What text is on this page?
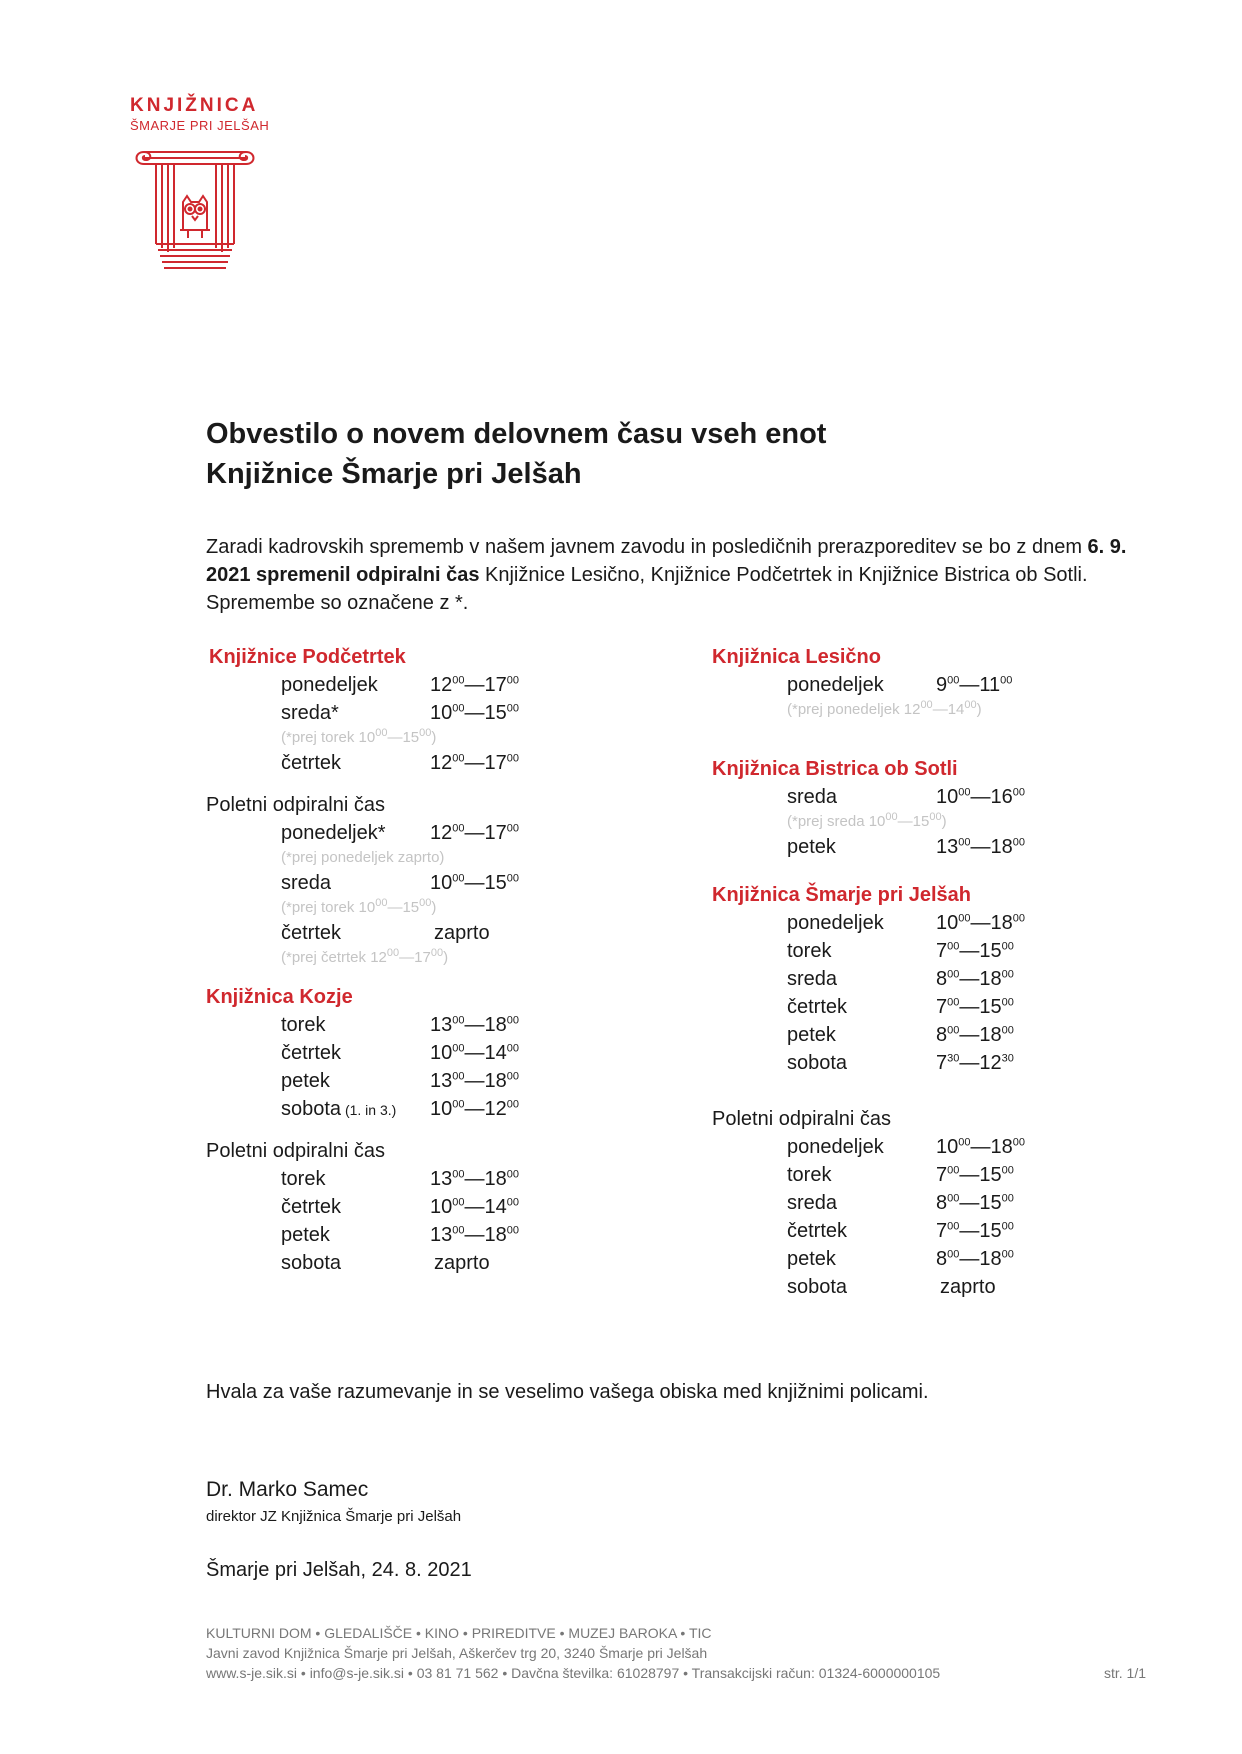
KNJIŽNICA
ŠMARJE PRI JELŠAH
Obvestilo o novem delovnem času vseh enot
Knjižnice Šmarje pri Jelšah
Zaradi kadrovskih sprememb v našem javnem zavodu in posledičnih prerazporeditev se bo z dnem 6. 9. 2021 spremenil odpiralni čas Knjižnice Lesično, Knjižnice Podčetrtek in Knjižnice Bistrica ob Sotli. Spremembe so označene z *.
Knjižnice Podčetrtek
ponedeljek	$12^{00}—17^{00}$
sreda*	$10^{00}—15^{00}$
(*prej torek $10^{00}—15^{00}$)
četrtek	$12^{00}—17^{00}$
Poletni odpiralni čas
ponedeljek* $12^{00}—17^{00}$
(*prej ponedeljek zaprto)
sreda	$10^{00}—15^{00}$
(*prej torek $10^{00}—15^{00}$)
četrtek	zaprto
(*prej četrtek $12^{00}—17^{00}$)
Knjižnica Kozje
torek	$13^{00}—18^{00}$
četrtek	$10^{00}—14^{00}$
petek	$13^{00}—18^{00}$
sobota (1. in 3.) $10^{00}—12^{00}$
Poletni odpiralni čas
torek	$13^{00}—18^{00}$
četrtek	$10^{00}—14^{00}$
petek	$13^{00}—18^{00}$
sobota	zaprto
Knjižnica Lesično
ponedeljek	$9^{00}—11^{00}$
(*prej ponedeljek $12^{00}—14^{00}$)
Knjižnica Bistrica ob Sotli
sreda	$10^{00}—16^{00}$
(*prej sreda $10^{00}—15^{00}$)
petek	$13^{00}—18^{00}$
Knjižnica Šmarje pri Jelšah
ponedeljek	$10^{00}—18^{00}$
torek	$7^{00}—15^{00}$
sreda	$8^{00}—18^{00}$
četrtek	$7^{00}—15^{00}$
petek	$8^{00}—18^{00}$
sobota	$7^{30}—12^{30}$
Poletni odpiralni čas
ponedeljek	$10^{00}—18^{00}$
torek	$7^{00}—15^{00}$
sreda	$8^{00}—15^{00}$
četrtek	$7^{00}—15^{00}$
petek	$8^{00}—18^{00}$
sobota	zaprto
Hvala za vaše razumevanje in se veselimo vašega obiska med knjižnimi policami.
Dr. Marko Samec
direktor JZ Knjižnica Šmarje pri Jelšah
Šmarje pri Jelšah, 24. 8. 2021
KULTURNI DOM • GLEDALIŠČE • KINO • PRIREDITVE • MUZEJ BAROKA • TIC
Javni zavod Knjižnica Šmarje pri Jelšah, Aškerčev trg 20, 3240 Šmarje pri Jelšah
www.s-je.sik.si • info@s-je.sik.si • 03 81 71 562 • Davčna številka: 61028797 • Transakcijski račun: 01324-6000000105	str. 1/1
